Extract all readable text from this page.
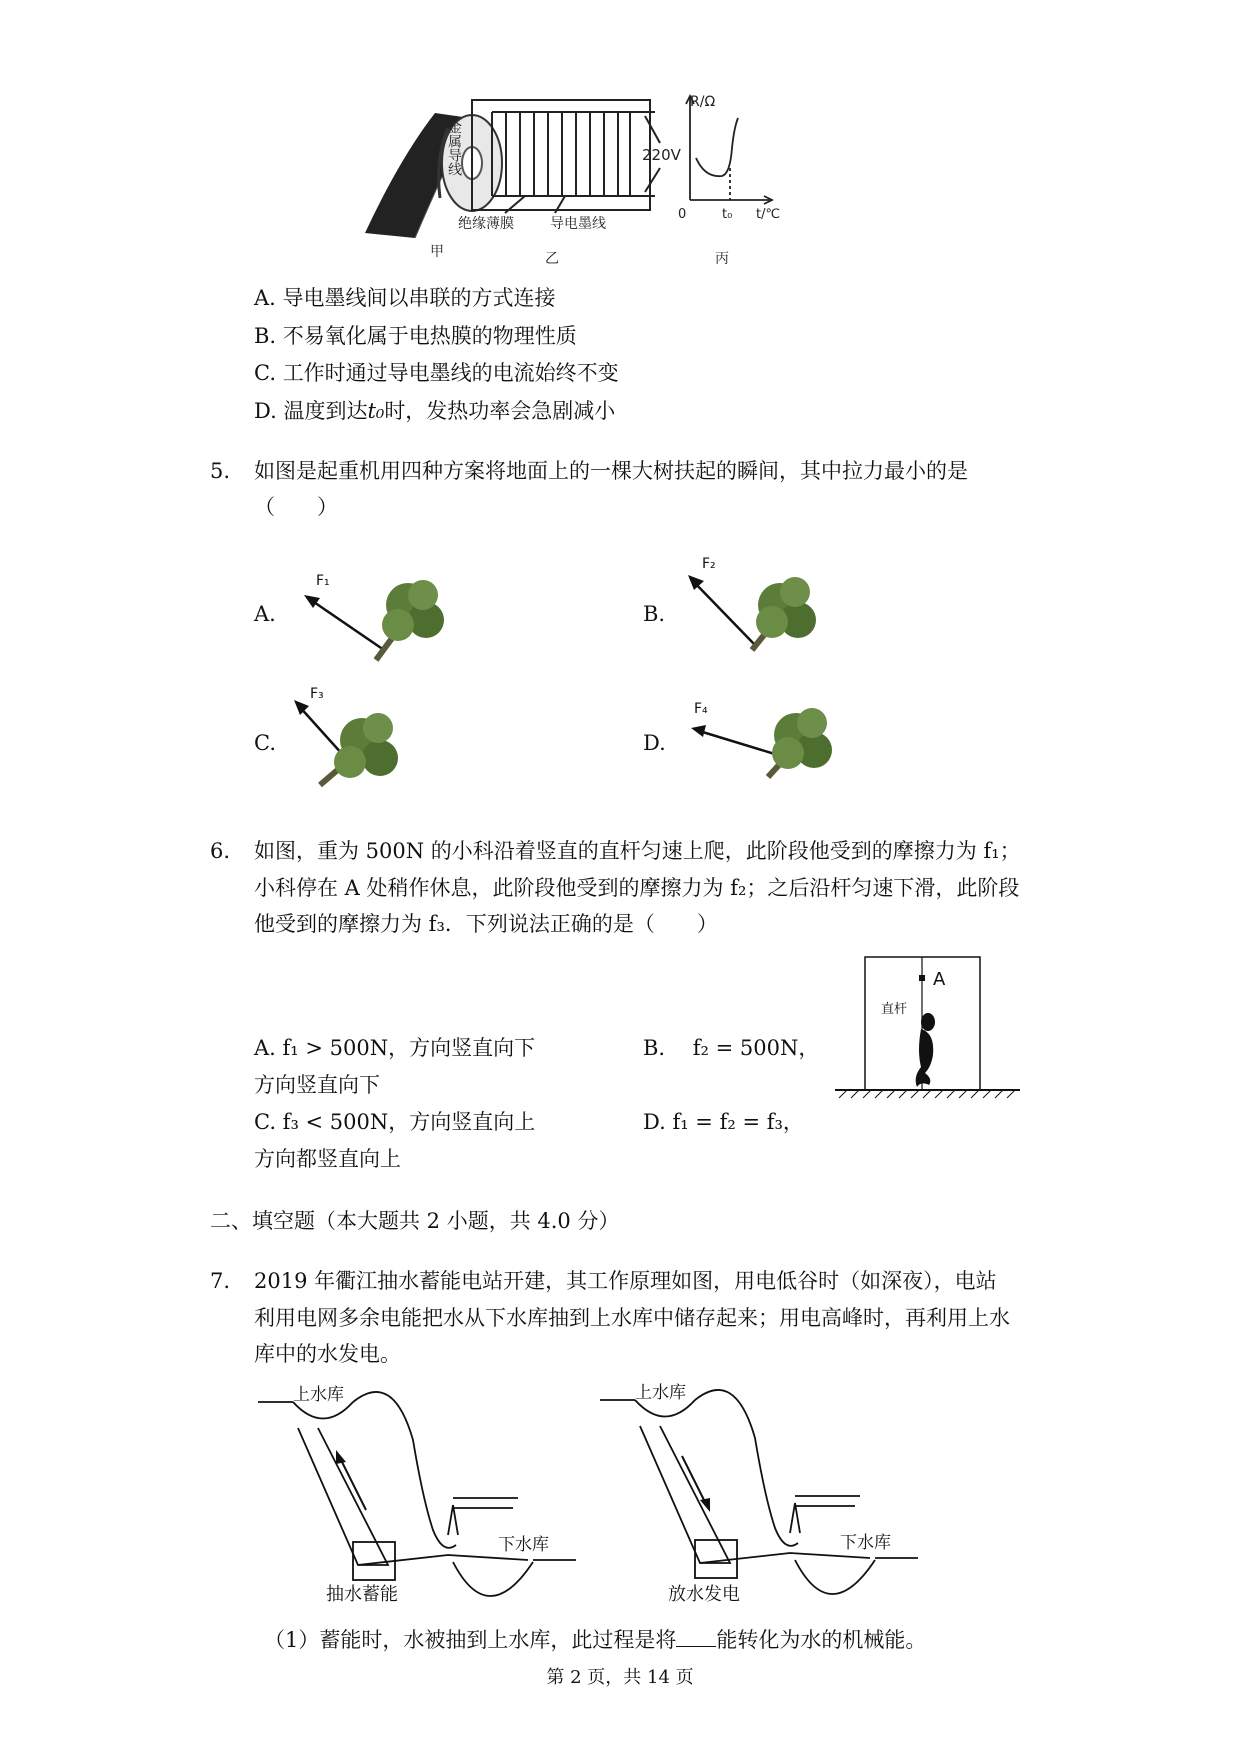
金属导线	220V
绝缘薄膜	导电墨线
甲	乙
R/Ω
t/℃
0	t₀
丙
A. 导电墨线间以串联的方式连接
B. 不易氧化属于电热膜的物理性质
C. 工作时通过导电墨线的电流始终不变
D. 温度到达t₀时，发热功率会急剧减小
5. 如图是起重机用四种方案将地面上的一棵大树扶起的瞬间，其中拉力最小的是
（　　）
A.
F₁
B.
F₂
C.
F₃
D.
F₄
6. 如图，重为 500N 的小科沿着竖直的直杆匀速上爬，此阶段他受到的摩擦力为 f₁；
小科停在 A 处稍作休息，此阶段他受到的摩擦力为 f₂；之后沿杆匀速下滑，此阶段
他受到的摩擦力为 f₃．下列说法正确的是（　　）
A. f₁ > 500N，方向竖直向下
方向竖直向下
B.　 f₂ = 500N，
C. f₃ < 500N，方向竖直向上
方向都竖直向上
D. f₁ = f₂ = f₃，
A
直杆
二、填空题（本大题共 2 小题，共 4.0 分）
7. 2019 年衢江抽水蓄能电站开建，其工作原理如图，用电低谷时（如深夜），电站
利用电网多余电能把水从下水库抽到上水库中储存起来；用电高峰时，再利用上水
库中的水发电。
上水库
下水库
抽水蓄能
上水库
下水库
放水发电
（1）蓄能时，水被抽到上水库，此过程是将 能转化为水的机械能。
第 2 页，共 14 页
